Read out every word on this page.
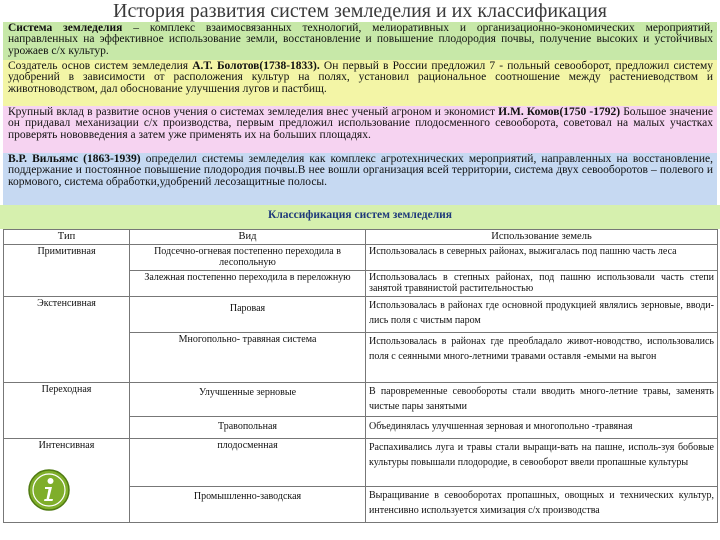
История развития систем земледелия и их классификация
Система земледелия – комплекс взаимосвязанных технологий, мелиоративных и организационно-экономических мероприятий, направленных на эффективное использование земли, восстановление и повышение плодородия почвы, получение высоких и устойчивых урожаев с/х культур.
Создатель основ систем земледелия А.Т. Болотов(1738-1833). Он первый в России предложил 7 - польный севооборот, предложил систему удобрений в зависимости от расположения культур на полях, установил рациональное соотношение между растениеводством и животноводством, дал обоснование улучшения лугов и пастбищ.
Крупный вклад в развитие основ учения о системах земледелия внес ученый агроном и экономист И.М. Комов(1750 -1792) Большое значение он придавал механизации с/х производства, первым предложил использование плодосменного севооборота, советовал на малых участках проверять нововведения а затем уже применять их на больших площадях.
В.Р. Вильямс (1863-1939) определил системы земледелия как комплекс агротехнических мероприятий, направленных на восстановление, поддержание и постоянное повышение плодородия почвы.В нее вошли организация всей территории, система двух севооборотов – полевого и кормового, система обработки,удобрений лесозащитные полосы.
Классификация систем земледелия
Тип	Вид	Использование земель
Примитивная	Подсечно-огневая постепенно переходила в лесопольную	Использовалась в северных районах, выжигалась под пашню часть леса
	Залежная постепенно переходила в переложную	Использовалась в степных районах, под пашню использовали часть степи занятой травянистой растительностью
Экстенсивная	Паровая	Использовалась в районах где основной продукцией являлись зерновые, вводи-лись поля с чистым паром
	Многопольно- травяная система	Использовалась в районах где преобладало живот-новодство, использовались поля с сеянными много-летними травами оставля -емыми на выгон
Переходная	Улучшенные зерновые	В паровременные севообороты стали вводить много-летние травы, заменять чистые пары занятыми
	Травопольная	Объединялась улучшенная зерновая и многопольно -травяная
Интенсивная	плодосменная	Распахивались луга и травы стали выращи-вать на пашне, исполь-зуя бобовые культуры повышали плодородие, в севооборот ввели пропашные культуры
	Промышленно-заводская	Выращивание в севооборотах пропашных, овощных и технических культур, интенсивно используется химизация с/х производства
